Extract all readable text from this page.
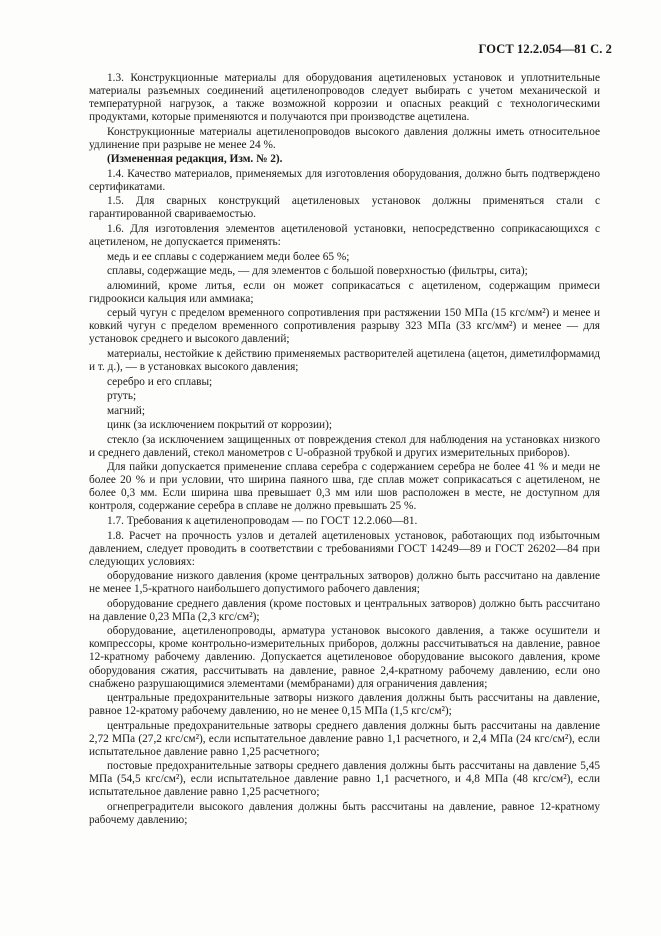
ГОСТ 12.2.054—81 С. 2

1.3. Конструкционные материалы для оборудования ацетиленовых установок и уплотнительные материалы разъемных соединений ацетиленопроводов следует выбирать с учетом механической и температурной нагрузок, а также возможной коррозии и опасных реакций с технологическими продуктами, которые применяются и получаются при производстве ацетилена.

Конструкционные материалы ацетиленопроводов высокого давления должны иметь относительное удлинение при разрыве не менее 24 %.

(Измененная редакция, Изм. № 2).

1.4. Качество материалов, применяемых для изготовления оборудования, должно быть подтверждено сертификатами.

1.5. Для сварных конструкций ацетиленовых установок должны применяться стали с гарантированной свариваемостью.

1.6. Для изготовления элементов ацетиленовой установки, непосредственно соприкасающихся с ацетиленом, не допускается применять:

медь и ее сплавы с содержанием меди более 65 %;

сплавы, содержащие медь, — для элементов с большой поверхностью (фильтры, сита);

алюминий, кроме литья, если он может соприкасаться с ацетиленом, содержащим примеси гидроокиси кальция или аммиака;

серый чугун с пределом временного сопротивления при растяжении 150 МПа (15 кгс/мм²) и менее и ковкий чугун с пределом временного сопротивления разрыву 323 МПа (33 кгс/мм²) и менее — для установок среднего и высокого давлений;

материалы, нестойкие к действию применяемых растворителей ацетилена (ацетон, диметилформамид и т. д.), — в установках высокого давления;

серебро и его сплавы;

ртуть;

магний;

цинк (за исключением покрытий от коррозии);

стекло (за исключением защищенных от повреждения стекол для наблюдения на установках низкого и среднего давлений, стекол манометров с U-образной трубкой и других измерительных приборов).

Для пайки допускается применение сплава серебра с содержанием серебра не более 41 % и меди не более 20 % и при условии, что ширина паяного шва, где сплав может соприкасаться с ацетиленом, не более 0,3 мм. Если ширина шва превышает 0,3 мм или шов расположен в месте, не доступном для контроля, содержание серебра в сплаве не должно превышать 25 %.

1.7. Требования к ацетиленопроводам — по ГОСТ 12.2.060—81.

1.8. Расчет на прочность узлов и деталей ацетиленовых установок, работающих под избыточным давлением, следует проводить в соответствии с требованиями ГОСТ 14249—89 и ГОСТ 26202—84 при следующих условиях:

оборудование низкого давления (кроме центральных затворов) должно быть рассчитано на давление не менее 1,5-кратного наибольшего допустимого рабочего давления;

оборудование среднего давления (кроме постовых и центральных затворов) должно быть рассчитано на давление 0,23 МПа (2,3 кгс/см²);

оборудование, ацетиленопроводы, арматура установок высокого давления, а также осушители и компрессоры, кроме контрольно-измерительных приборов, должны рассчитываться на давление, равное 12-кратному рабочему давлению. Допускается ацетиленовое оборудование высокого давления, кроме оборудования сжатия, рассчитывать на давление, равное 2,4-кратному рабочему давлению, если оно снабжено разрушающимися элементами (мембранами) для ограничения давления;

центральные предохранительные затворы низкого давления должны быть рассчитаны на давление, равное 12-кратому рабочему давлению, но не менее 0,15 МПа (1,5 кгс/см²);

центральные предохранительные затворы среднего давления должны быть рассчитаны на давление 2,72 МПа (27,2 кгс/см²), если испытательное давление равно 1,1 расчетного, и 2,4 МПа (24 кгс/см²), если испытательное давление равно 1,25 расчетного;

постовые предохранительные затворы среднего давления должны быть рассчитаны на давление 5,45 МПа (54,5 кгс/см²), если испытательное давление равно 1,1 расчетного, и 4,8 МПа (48 кгс/см²), если испытательное давление равно 1,25 расчетного;

огнепреградители высокого давления должны быть рассчитаны на давление, равное 12-кратному рабочему давлению;
